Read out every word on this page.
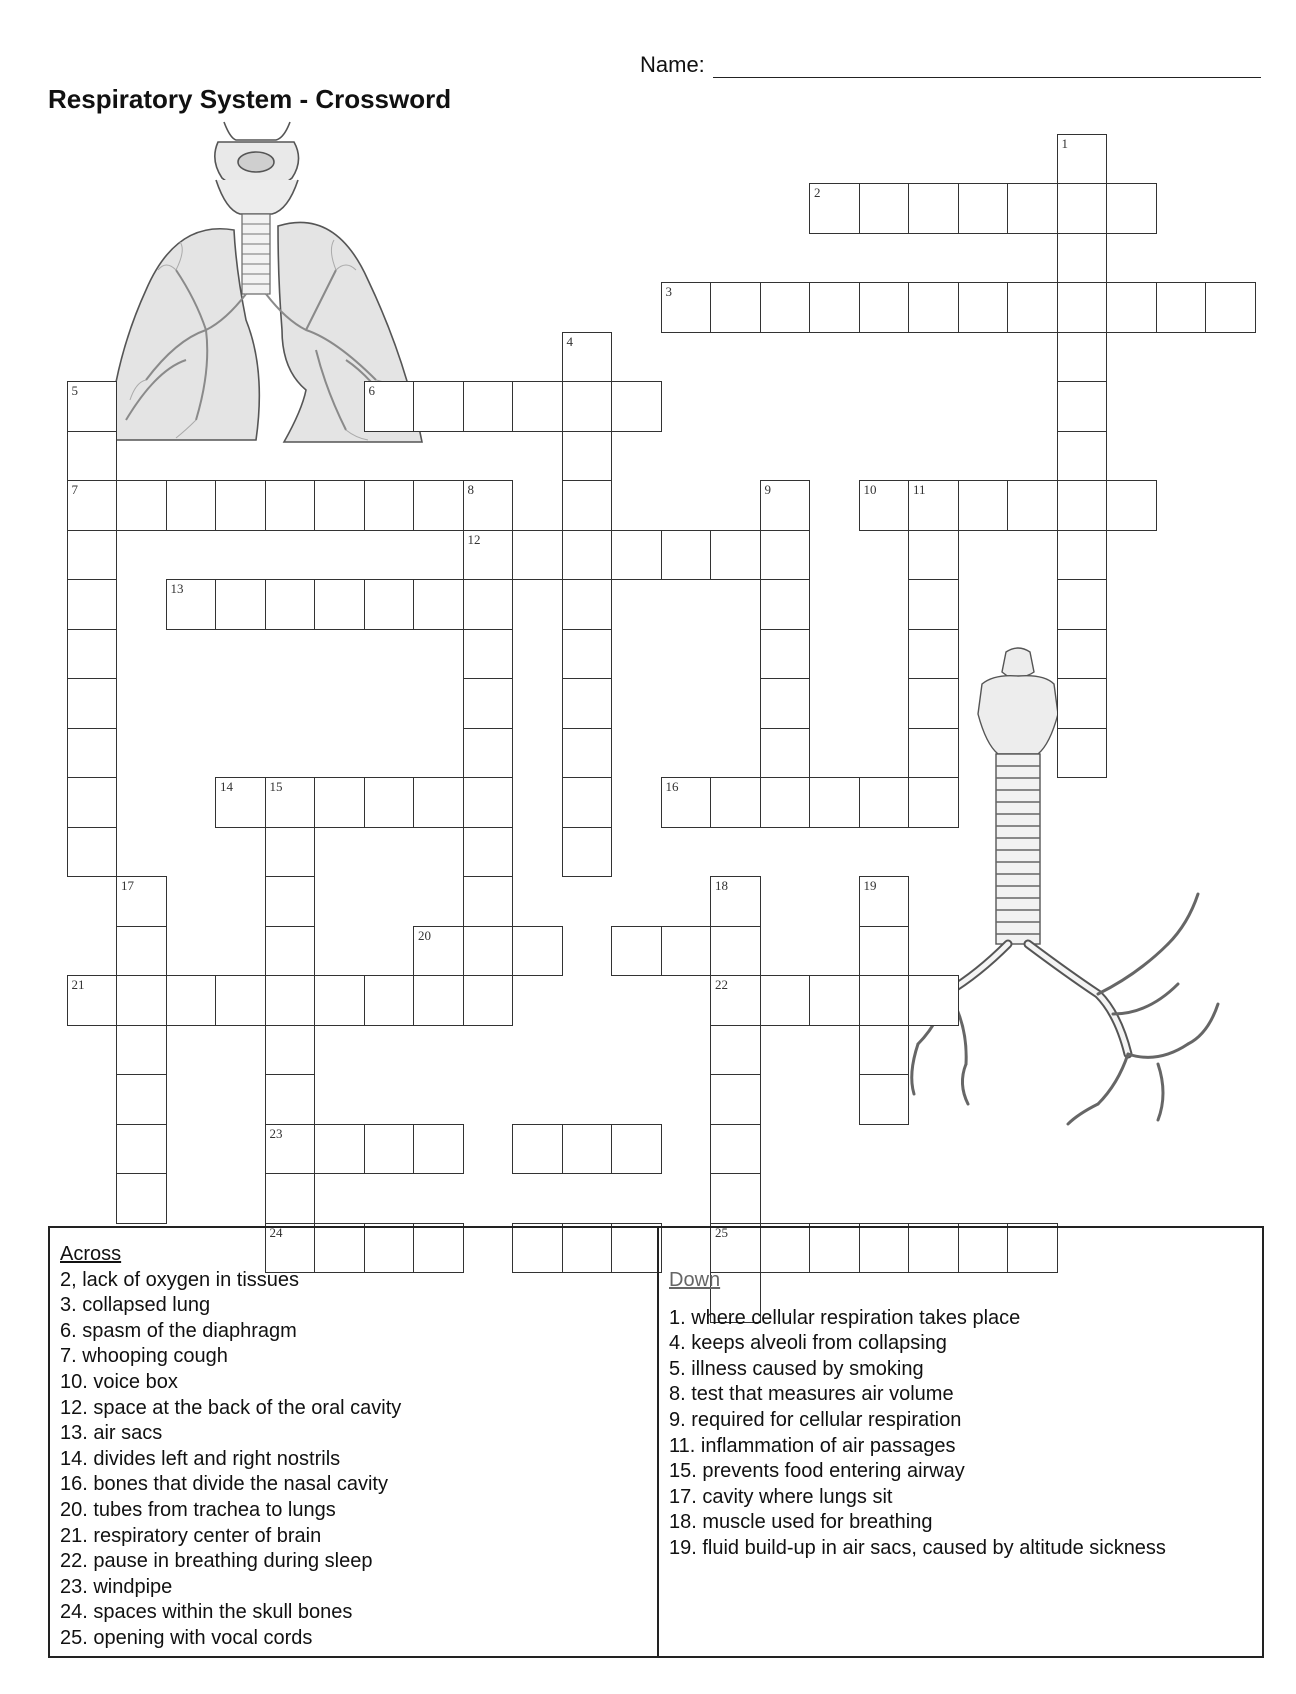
Name:
Respiratory System - Crossword
1
2
3
4
5
7
6
8
12
9	10	11
13
14	15
23
24
16
17	18
22
25
19
20
21
Across
2, lack of oxygen in tissues
3. collapsed lung
6. spasm of the diaphragm
7. whooping cough
10. voice box
12. space at the back of the oral cavity
13. air sacs
14. divides left and right nostrils
16. bones that divide the nasal cavity
20. tubes from trachea to lungs
21. respiratory center of brain
22. pause in breathing during sleep
23. windpipe
24. spaces within the skull bones
25. opening with vocal cords
Down
1. where cellular respiration takes place
4. keeps alveoli from collapsing
5. illness caused by smoking
8. test that measures air volume
9. required for cellular respiration
11. inflammation of air passages
15. prevents food entering airway
17. cavity where lungs sit
18. muscle used for breathing
19. fluid build-up in air sacs, caused by altitude sickness
